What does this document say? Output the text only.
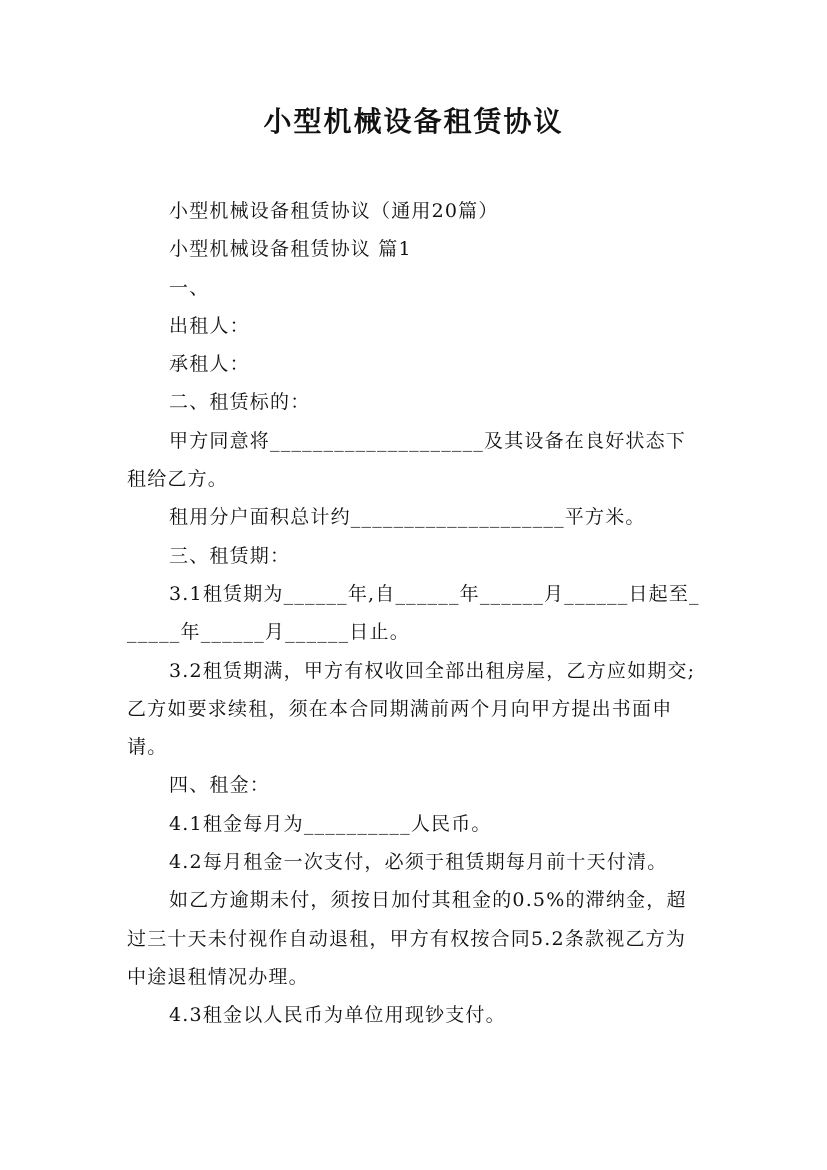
小型机械设备租赁协议

小型机械设备租赁协议（通用20篇）

小型机械设备租赁协议 篇1

一、

出租人：

承租人：

二、租赁标的：

甲方同意将____________________及其设备在良好状态下租给乙方。

租用分户面积总计约____________________平方米。

三、租赁期：

3.1租赁期为______年,自______年______月______日起至______年______月______日止。

3.2租赁期满，甲方有权收回全部出租房屋，乙方应如期交;乙方如要求续租，须在本合同期满前两个月向甲方提出书面申请。

四、租金：

4.1租金每月为__________人民币。

4.2每月租金一次支付，必须于租赁期每月前十天付清。

如乙方逾期未付，须按日加付其租金的0.5%的滞纳金，超过三十天未付视作自动退租，甲方有权按合同5.2条款视乙方为中途退租情况办理。

4.3租金以人民币为单位用现钞支付。
